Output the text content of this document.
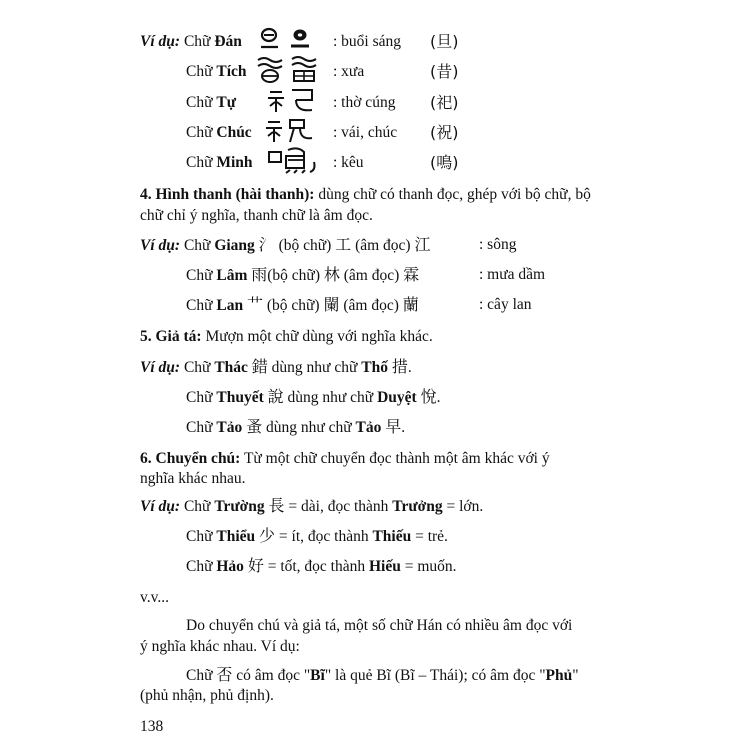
Ví dụ: Chữ Đán	: buổi sáng (旦)
Chữ Tích	: xưa	(昔)
Chữ Tự	: thờ cúng (祀)
Chữ Chúc	: vái, chúc (祝)
Chữ Minh	: kêu	(鳴)
4. Hình thanh (hài thanh): dùng chữ có thanh đọc, ghép với bộ chữ, bộ
chữ chỉ ý nghĩa, thanh chữ là âm đọc.
Ví dụ: Chữ Giang 氵 (bộ chữ) 工 (âm đọc) 江	: sông
Chữ Lâm 雨(bộ chữ) 林 (âm đọc) 霖	: mưa dầm
Chữ Lan 艹 (bộ chữ) 闌 (âm đọc) 蘭	: cây lan
5. Giả tá: Mượn một chữ dùng với nghĩa khác.
Ví dụ: Chữ Thác 錯 dùng như chữ Thố 措.
Chữ Thuyết 說 dùng như chữ Duyệt 悅.
Chữ Tảo 蚤 dùng như chữ Tảo 早.
6. Chuyển chú: Từ một chữ chuyển đọc thành một âm khác với ý
nghĩa khác nhau.
Ví dụ: Chữ Trường 長 = dài, đọc thành Trưởng = lớn.
Chữ Thiểu 少 = ít, đọc thành Thiếu = trẻ.
Chữ Hảo 好 = tốt, đọc thành Hiếu = muốn.
v.v...
Do chuyển chú và giả tá, một số chữ Hán có nhiều âm đọc với
ý nghĩa khác nhau. Ví dụ:
Chữ 否 có âm đọc "Bĩ" là quẻ Bĩ (Bĩ – Thái); có âm đọc "Phủ"
(phủ nhận, phủ định).
138
